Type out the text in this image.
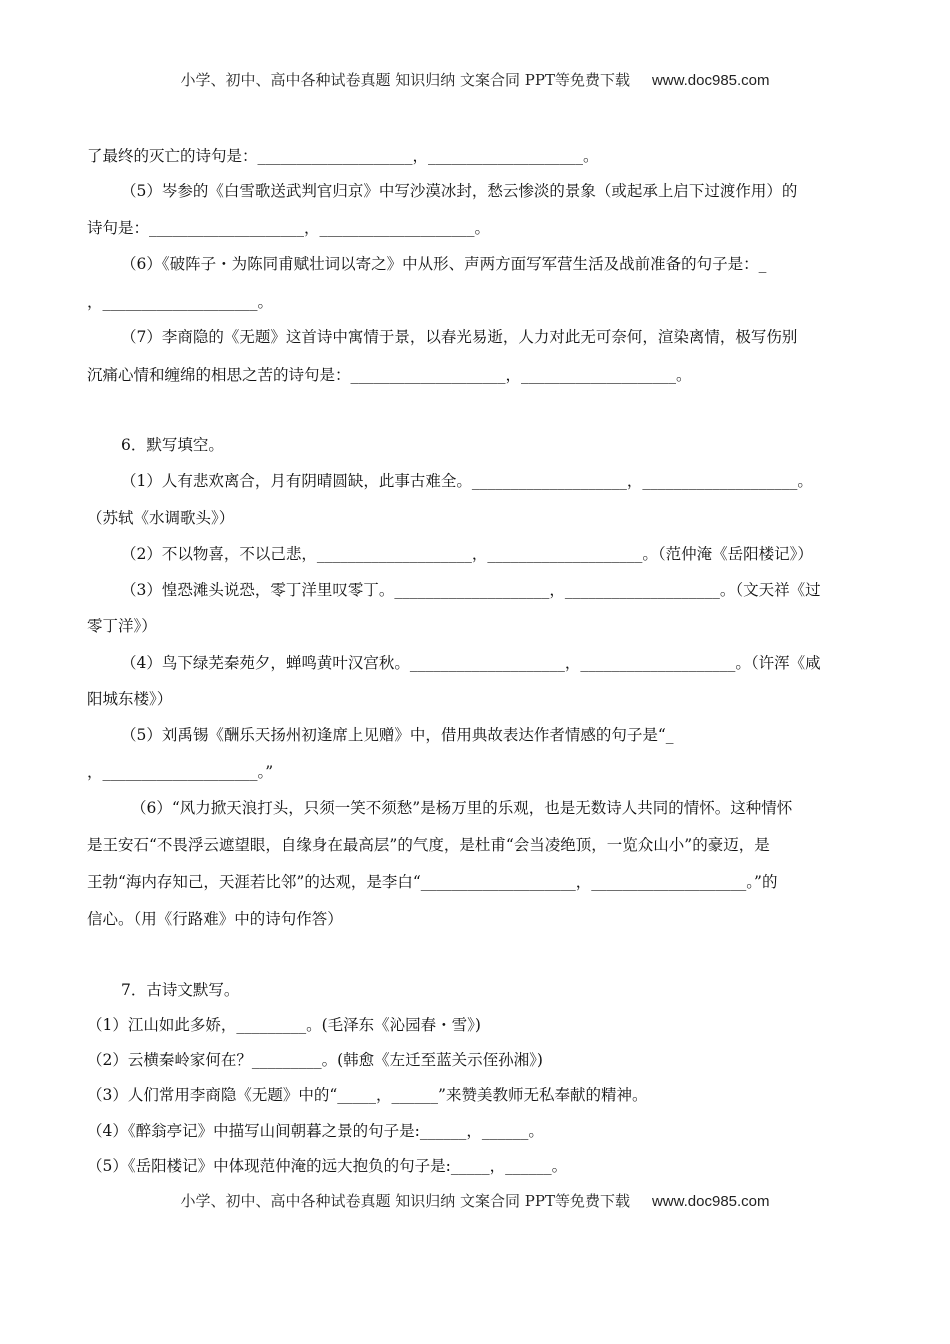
小学、初中、高中各种试卷真题 知识归纳 文案合同 PPT等免费下载 www.doc985.com
了最终的灭亡的诗句是：____________________，____________________。
（5）岑参的《白雪歌送武判官归京》中写沙漠冰封，愁云惨淡的景象（或起承上启下过渡作用）的
诗句是：____________________，____________________。
（6）《破阵子・为陈同甫赋壮词以寄之》中从形、声两方面写军营生活及战前准备的句子是：_
，____________________。
（7）李商隐的《无题》这首诗中寓情于景，以春光易逝，人力对此无可奈何，渲染离情，极写伤别
沉痛心情和缠绵的相思之苦的诗句是：____________________，____________________。
6．默写填空。
（1）人有悲欢离合，月有阴晴圆缺，此事古难全。____________________，____________________。
（苏轼《水调歌头》）
（2）不以物喜，不以己悲，____________________，____________________。（范仲淹《岳阳楼记》）
（3）惶恐滩头说恐，零丁洋里叹零丁。____________________，____________________。（文天祥《过
零丁洋》）
（4）鸟下绿芜秦苑夕，蝉鸣黄叶汉宫秋。____________________，____________________。（许浑《咸
阳城东楼》）
（5）刘禹锡《酬乐天扬州初逢席上见赠》中，借用典故表达作者情感的句子是“_
，____________________。”
（6）“风力掀天浪打头，只须一笑不须愁”是杨万里的乐观，也是无数诗人共同的情怀。这种情怀
是王安石“不畏浮云遮望眼，自缘身在最高层”的气度，是杜甫“会当凌绝顶，一览众山小”的豪迈，是
王勃“海内存知己，天涯若比邻”的达观，是李白“____________________，____________________。”的
信心。（用《行路难》中的诗句作答）
7．古诗文默写。
（1）江山如此多娇，_________。(毛泽东《沁园春・雪》)
（2）云横秦岭家何在？_________。(韩愈《左迁至蓝关示侄孙湘》)
（3）人们常用李商隐《无题》中的“_____，______”来赞美教师无私奉献的精神。
（4）《醉翁亭记》中描写山间朝暮之景的句子是:______，______。
（5）《岳阳楼记》中体现范仲淹的远大抱负的句子是:_____，______。
小学、初中、高中各种试卷真题 知识归纳 文案合同 PPT等免费下载 www.doc985.com
